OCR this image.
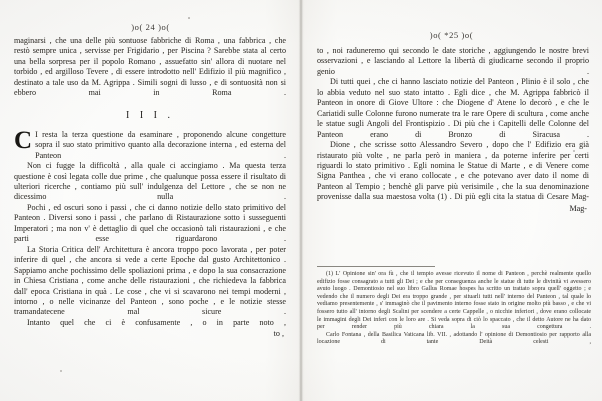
)o( 24 )o(

maginarsi , che una delle più sontuose fabbriche di Roma , una fabbrica , che restò sempre unica , servisse per Frigidario , per Piscina ? Sarebbe stata al certo una bella sorpresa per il popolo Romano , assuefatto sin' allora di nuotare nel torbido , ed argilloso Tevere , di essere introdotto nell' Edifizio il più magnifico , destinato a tale uso da M. Agrippa . Simili sogni di lusso , e di sontuosità non si ebbero mai in Roma .

I I I .
C I resta la terza questione da esaminare , proponendo alcune congetture sopra il suo stato primitivo quanto alla decorazione interna , ed esterna del Panteon .

Non ci fugge la difficoltà , alla quale ci accingiamo . Ma questa terza questione è così legata colle due prime , che qualunque possa essere il risultato di ulteriori ricerche , contiamo più sull' indulgenza del Lettore , che se non ne dicessimo nulla .

Pochi , ed oscuri sono i passi , che ci danno notizie dello stato primitivo del Panteon . Diversi sono i passi , che parlano di Ristaurazione sotto i susseguenti Imperatori ; ma non v' è dettaglio di quel che occasionò tali ristaurazioni , e che parti esse riguardarono .

La Storia Critica dell' Architettura è ancora troppo poco lavorata , per poter inferire di quel , che ancora si vede a certe Epoche dal gusto Architettonico . Sappiamo anche pochissimo delle spoliazioni prima , e dopo la sua consacrazione in Chiesa Cristiana , come anche delle ristaurazioni , che richiedeva la fabbrica dall' epoca Cristiana in quà . Le cose , che vi si scavarono nei tempi moderni , intorno , o nelle vicinanze del Panteon , sono poche , e le notizie stesse tramandatecene mal sicure .

Intanto quel che ci è confusamente , o in parte noto ,

to ,
)o( *25 )o(

to , noi raduneremo qui secondo le date storiche , aggiungendo le nostre brevi osservazioni , e lasciando al Lettore la libertà di giudicarne secondo il proprio genio .

Di tutti quei , che ci hanno lasciato notizie del Panteon , Plinio è il solo , che lo abbia veduto nel suo stato intatto . Egli dice , che M. Agrippa fabbricò il Panteon in onore di Giove Ultore : che Diogene d' Atene lo decorò , e che le Cariatidi sulle Colonne furono numerate tra le rare Opere di scultura , come anche le statue sugli Angoli del Frontispizio . Di più che i Capitelli delle Colonne del Panteon erano di Bronzo di Siracusa .

Dione , che scrisse sotto Alessandro Severo , dopo che l' Edifizio era già ristaurato più volte , ne parla però in maniera , da poterne inferire per certi riguardi lo stato primitivo . Egli nomina le Statue di Marte , e di Venere come Signa Panthea , che vi erano collocate , e che potevano aver dato il nome di Panteon al Tempio ; benchè gli parve più verisimile , che la sua denominazione provenisse dalla sua maestosa volta (1) . Di più egli cita la statua di Cesare Mag-

Mag-

(1) L' Opinione sin' ora fù , che il tempio avesse ricevuto il nome di Panteon , perchè realmente quello edifizio fosse consagrato a tutti gli Dei ; e che per conseguenza anche le statue di tutte le divinità vi avessero avuto luogo . Demontiosio nel suo libro Gallus Romae hospes ha scritto un trattato sopra quell' oggetto ; e vedendo che il numero degli Dei era troppo grande , per situarli tutti nell' interno del Panteon , tal quale lo vediamo presentemente , s' immaginò che il pavimento interno fosse stato in origine molto più basso , e che vi fossero tutto all' intorno degli Scalini per scendere a certe Cappelle , o nicchie inferiori , dove erano collocate le immagini degli Dei inferi con le loro are . Si veda sopra di ciò lo spaccato , che il detto Autore ne ha dato per render più chiara la sua congettura .

Carlo Fontana , della Basilica Vaticana lib. VII. , adottando l' opinione di Demontiosio per rapporto alla locazione di tante Deità celesti ,
